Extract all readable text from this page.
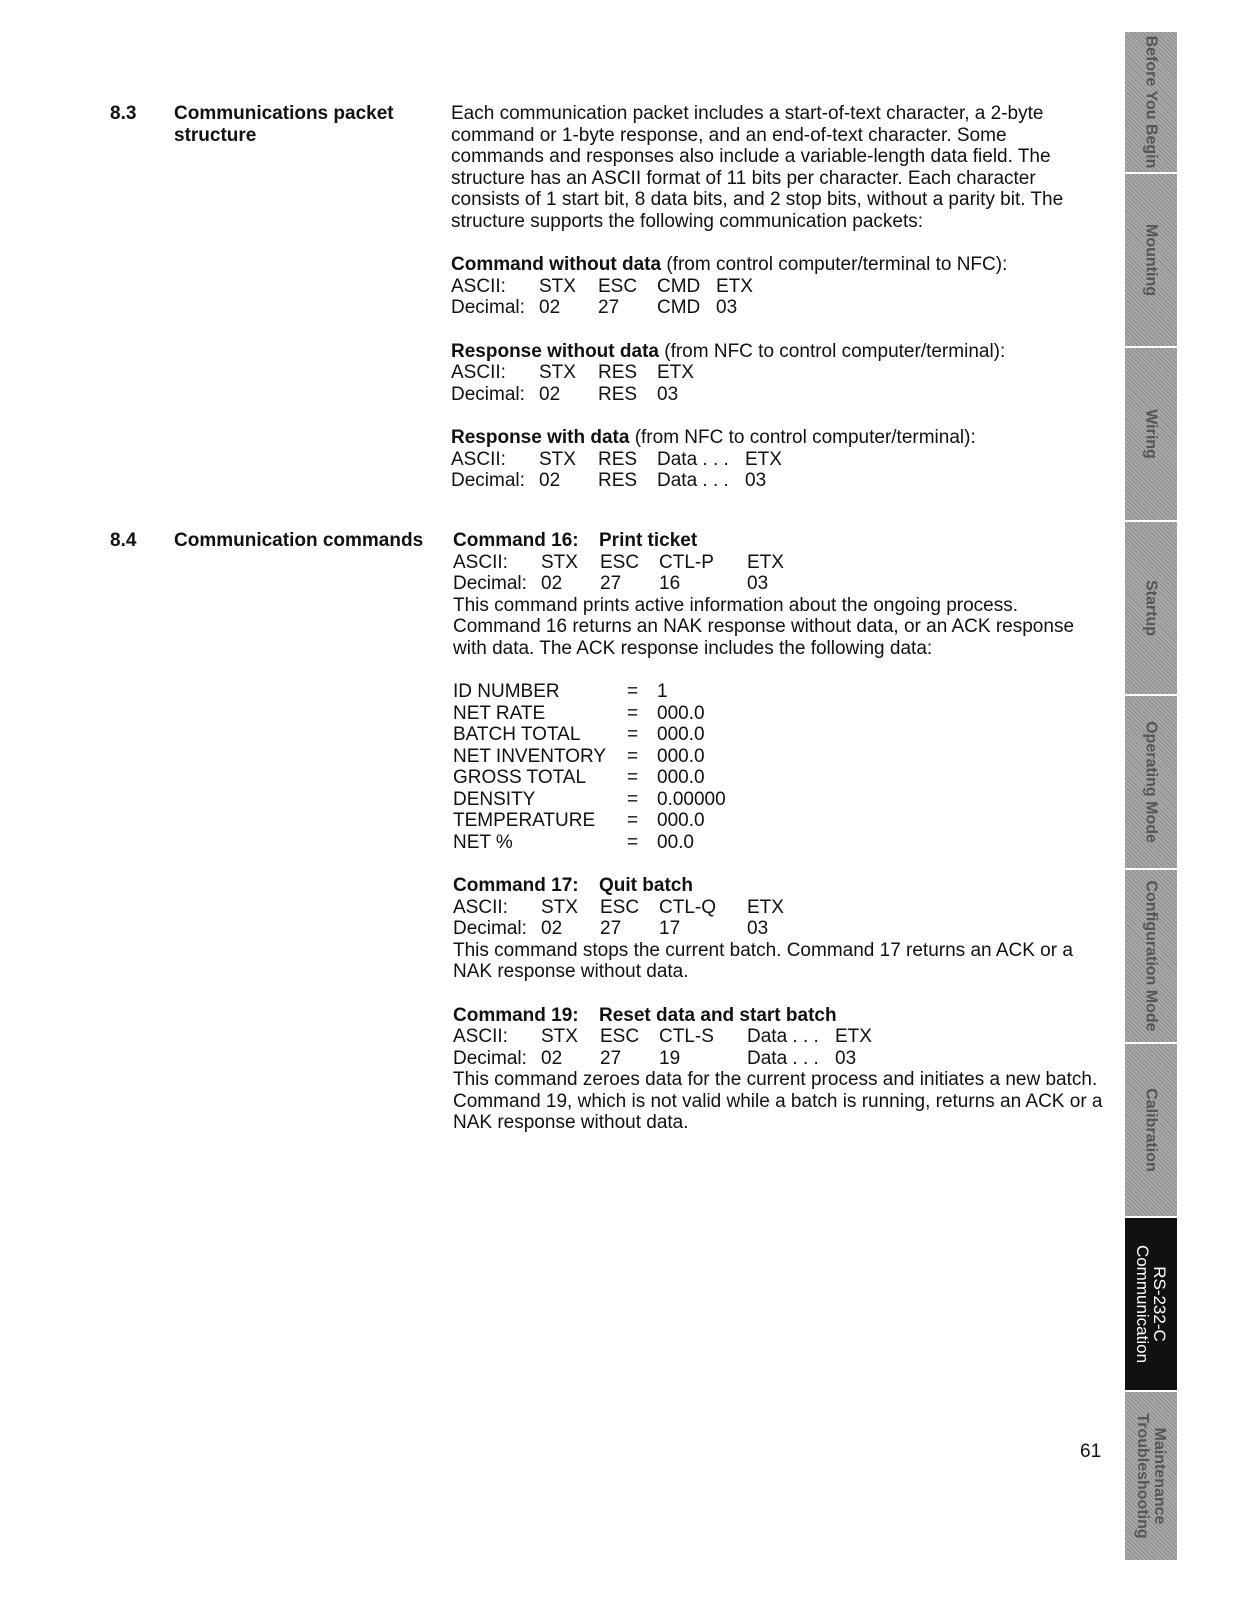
8.3 Communications packet structure

Each communication packet includes a start-of-text character, a 2-byte command or 1-byte response, and an end-of-text character. Some commands and responses also include a variable-length data field. The structure has an ASCII format of 11 bits per character. Each character consists of 1 start bit, 8 data bits, and 2 stop bits, without a parity bit. The structure supports the following communication packets:

Command without data (from control computer/terminal to NFC):
ASCII:	STX	ESC	CMD ETX
Decimal: 02	27	CMD 03
Response without data (from NFC to control computer/terminal):
ASCII:	STX	RES	ETX
Decimal: 02	RES	03
Response with data (from NFC to control computer/terminal):
ASCII:	STX	RES	Data . . . ETX
Decimal: 02	RES	Data . . . 03
8.4 Communication commands Command 16:	Print ticket
ASCII:	STX	ESC	CTL-P	ETX
Decimal: 02	27	16	03

This command prints active information about the ongoing process. Command 16 returns an NAK response without data, or an ACK response with data. The ACK response includes the following data:

ID NUMBER	= 1
NET RATE	= 000.0
BATCH TOTAL	= 000.0
NET INVENTORY	= 000.0
GROSS TOTAL	= 000.0
DENSITY	= 0.00000
TEMPERATURE	= 000.0
NET %	= 00.0
Command 17:	Quit batch
ASCII:	STX	ESC	CTL-Q	ETX
Decimal: 02	27	17	03

This command stops the current batch. Command 17 returns an ACK or a NAK response without data.

Command 19:	Reset data and start batch
ASCII:	STX	ESC	CTL-S	Data . . . ETX
Decimal: 02	27	19	Data . . . 03

This command zeroes data for the current process and initiates a new batch. Command 19, which is not valid while a batch is running, returns an ACK or a NAK response without data.

61
Before You Begin
Mounting
Wiring
Startup
Operating Mode
Configuration Mode
Calibration
RS-232-C Communication
Maintenance Troubleshooting
